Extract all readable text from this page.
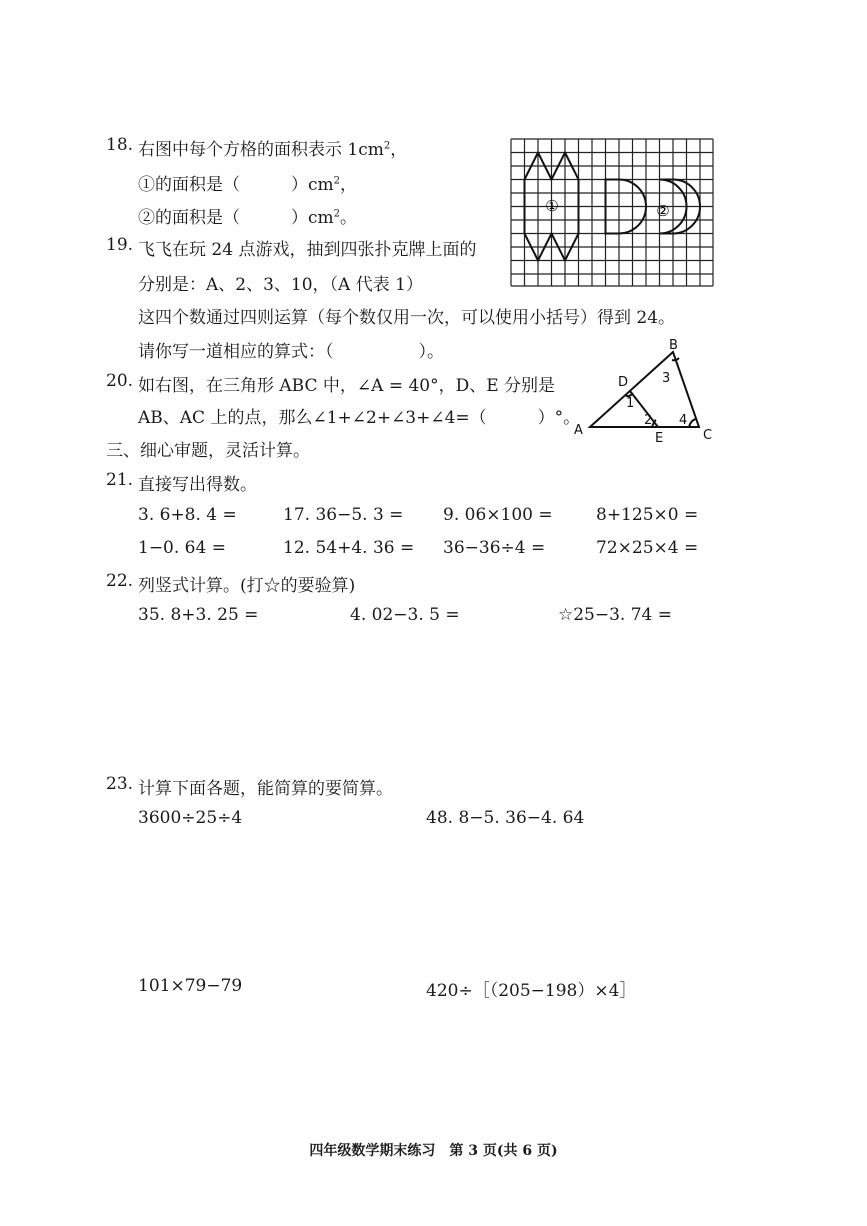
18. 右图中每个方格的面积表示 $1cm^2$，
①的面积是（　　　）$cm^2$，
②的面积是（　　　）$cm^2$。
①	②
19. 飞飞在玩 24 点游戏，抽到四张扑克牌上面的
分别是：A、2、3、10，（A 代表 1）
这四个数通过四则运算（每个数仅用一次，可以使用小括号）得到 24。
请你写一道相应的算式：（　　　　　）。
20. 如右图，在三角形 ABC 中，∠A = 40°，D、E 分别是
AB、AC 上的点，那么∠1+∠2+∠3+∠4=（　　　）°。
A
B
C
D
E
1
2
3
4
三、细心审题，灵活计算。
21. 直接写出得数。
3. 6+8. 4 =	17. 36−5. 3 = 9. 06×100 =	8+125×0 =
1−0. 64 =	12. 54+4. 36 = 36−36÷4 =	72×25×4 =
22. 列竖式计算。(打☆的要验算)
35. 8+3. 25 =	4. 02−3. 5 =	☆25−3. 74 =
23. 计算下面各题，能简算的要简算。
3600÷25÷4	48. 8−5. 36−4. 64
101×79−79	420÷［（205−198）×4］
四年级数学期末练习　第 3 页(共 6 页)
